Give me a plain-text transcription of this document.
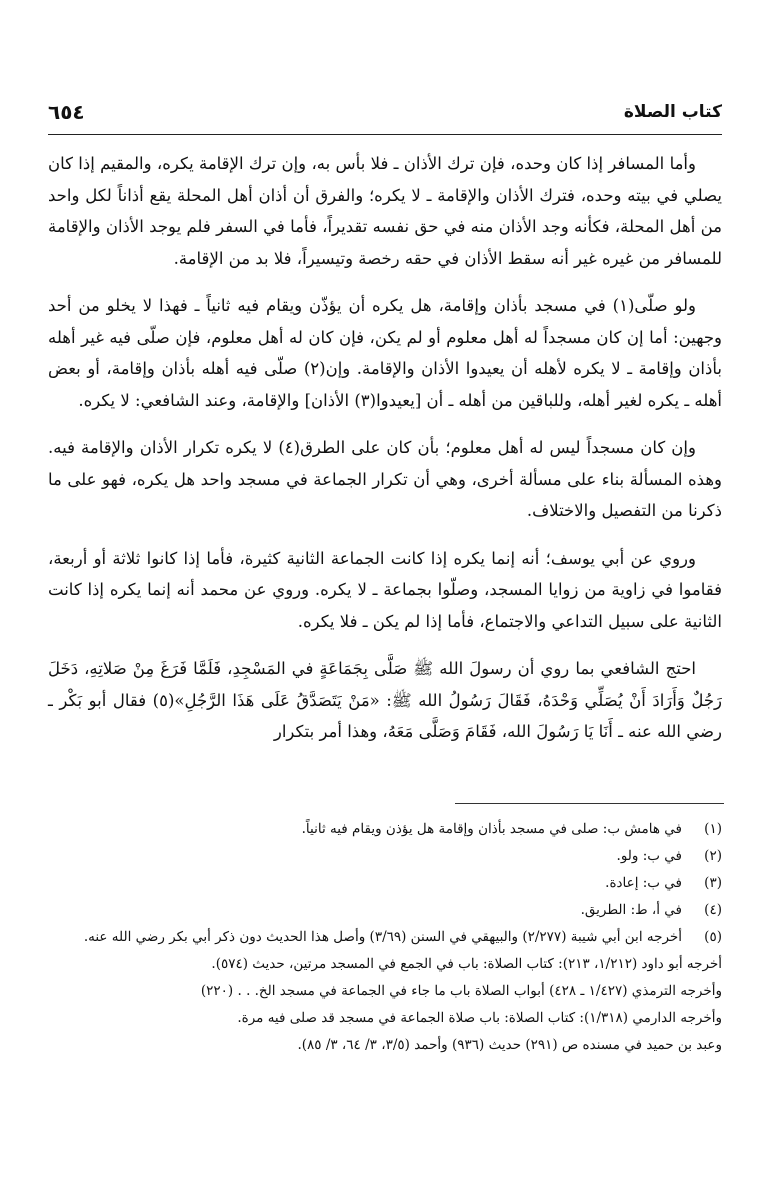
كتاب الصلاة
٦٥٤

وأما المسافر إذا كان وحده، فإن ترك الأذان ـ فلا بأس به، وإن ترك الإقامة يكره، والمقيم إذا كان يصلي في بيته وحده، فترك الأذان والإقامة ـ لا يكره؛ والفرق أن أذان أهل المحلة يقع أذاناً لكل واحد من أهل المحلة، فكأنه وجد الأذان منه في حق نفسه تقديراً، فأما في السفر فلم يوجد الأذان والإقامة للمسافر من غيره غير أنه سقط الأذان في حقه رخصة وتيسيراً، فلا بد من الإقامة.

ولو صلّى(١) في مسجد بأذان وإقامة، هل يكره أن يؤذّن ويقام فيه ثانياً ـ فهذا لا يخلو من أحد وجهين: أما إن كان مسجداً له أهل معلوم أو لم يكن، فإن كان له أهل معلوم، فإن صلّى فيه غير أهله بأذان وإقامة ـ لا يكره لأهله أن يعيدوا الأذان والإقامة. وإن(٢) صلّى فيه أهله بأذان وإقامة، أو بعض أهله ـ يكره لغير أهله، وللباقين من أهله ـ أن [يعيدوا(٣) الأذان] والإقامة، وعند الشافعي: لا يكره.

وإن كان مسجداً ليس له أهل معلوم؛ بأن كان على الطرق(٤) لا يكره تكرار الأذان والإقامة فيه. وهذه المسألة بناء على مسألة أخرى، وهي أن تكرار الجماعة في مسجد واحد هل يكره، فهو على ما ذكرنا من التفصيل والاختلاف.

وروي عن أبي يوسف؛ أنه إنما يكره إذا كانت الجماعة الثانية كثيرة، فأما إذا كانوا ثلاثة أو أربعة، فقاموا في زاوية من زوايا المسجد، وصلّوا بجماعة ـ لا يكره. وروي عن محمد أنه إنما يكره إذا كانت الثانية على سبيل التداعي والاجتماع، فأما إذا لم يكن ـ فلا يكره.

احتج الشافعي بما روي أن رسولَ الله ﷺ صَلَّى بِجَمَاعَةٍ في المَسْجِدِ، فَلَمَّا فَرَغَ مِنْ صَلاتِهِ، دَخَلَ رَجُلٌ وَأَرَادَ أَنْ يُصَلِّي وَحْدَهُ، فَقَالَ رَسُولُ الله ﷺ: «مَنْ يَتَصَدَّقُ عَلَى هَذَا الرَّجُلِ»(٥) فقال أبو بَكْر ـ رضي الله عنه ـ أَنَا يَا رَسُولَ الله، فَقَامَ وَصَلَّى مَعَهُ، وهذا أمر بتكرار

(١)
في هامش ب: صلى في مسجد بأذان وإقامة هل يؤذن ويقام فيه ثانياً.
(٢)
في ب: ولو.
(٣)
في ب: إعادة.
(٤)
في أ، ط: الطريق.
(٥)
أخرجه ابن أبي شيبة (٢/٢٧٧) والبيهقي في السنن (٣/٦٩) وأصل هذا الحديث دون ذكر أبي بكر رضي الله عنه.
أخرجه أبو داود (١/٢١٢، ٢١٣): كتاب الصلاة: باب في الجمع في المسجد مرتين، حديث (٥٧٤).
وأخرجه الترمذي (١/٤٢٧ ـ ٤٢٨) أبواب الصلاة باب ما جاء في الجماعة في مسجد الخ. . . (٢٢٠)
وأخرجه الدارمي (١/٣١٨): كتاب الصلاة: باب صلاة الجماعة في مسجد قد صلى فيه مرة.
وعبد بن حميد في مسنده ص (٢٩١) حديث (٩٣٦) وأحمد (٣/٥، ٣/ ٦٤، ٣/ ٨٥).
